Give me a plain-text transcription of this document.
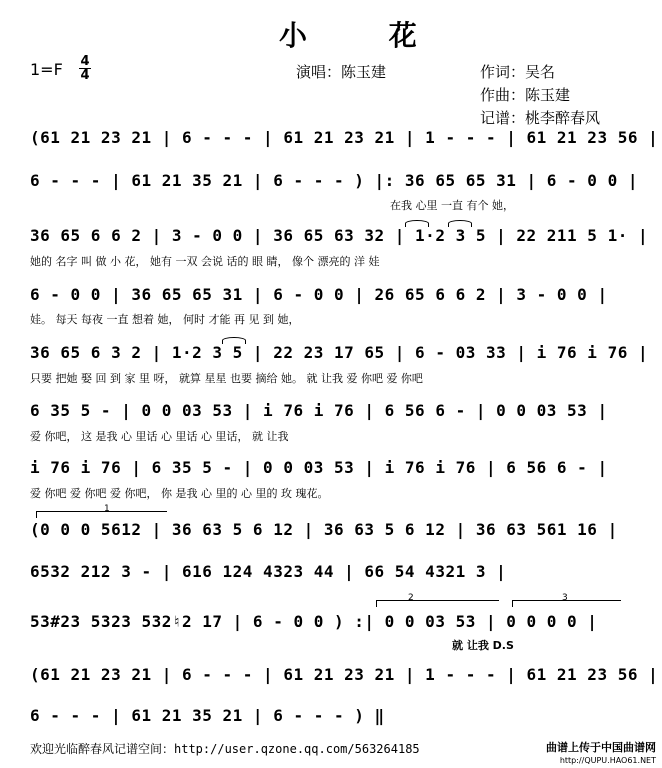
小 花
1=F 4
4	演唱：陈玉建	作词：吴名
作曲：陈玉建
记谱：桃李醉春风
(61 21 23 21 | 6 - - - | 61 21 23 21 | 1 - - - | 61 21 23 56 |
6 - - - | 61 21 35 21 | 6 - - - ) |: 36 65 65 31 | 6 - 0 0 |
在我 心里 一直 有个 她，
36 65 6 6 2 | 3 - 0 0 | 36 65 63 32 | 1·2 3 5 | 22 211 5 1· |
她的 名字 叫 做 小 花， 她有 一双 会说 话的 眼 睛， 像个 漂亮的 洋 娃
6 - 0 0 | 36 65 65 31 | 6 - 0 0 | 26 65 6 6 2 | 3 - 0 0 |
娃。 每天 每夜 一直 想着 她， 何时 才能 再 见 到 她，
36 65 6 3 2 | 1·2 3 5 | 22 23 17 65 | 6 - 03 33 | i 76 i 76 |
只要 把她 娶 回 到 家 里 呀， 就算 星星 也要 摘给 她。 就 让我 爱 你吧 爱 你吧
6 35 5 - | 0 0 03 53 | i 76 i 76 | 6 56 6 - | 0 0 03 53 |
爱 你吧， 这 是我 心 里话 心 里话 心 里话， 就 让我
i 76 i 76 | 6 35 5 - | 0 0 03 53 | i 76 i 76 | 6 56 6 - |
爱 你吧 爱 你吧 爱 你吧， 你 是我 心 里的 心 里的 玫 瑰花。
1
(0 0 0 5612 | 36 63 5 6 12 | 36 63 5 6 12 | 36 63 561 16 |
6532 212 3 - | 616 124 4323 44 | 66 54 4321 3 |
2	3
53#23 5323 532♮2 17 | 6 - 0 0 ) :| 0 0 03 53 | 0 0 0 0 |
就 让我 D.S
(61 21 23 21 | 6 - - - | 61 21 23 21 | 1 - - - | 61 21 23 56 |
6 - - - | 61 21 35 21 | 6 - - - ) ‖
欢迎光临醉春风记谱空间：http://user.qzone.qq.com/563264185	曲谱上传于中国曲谱网
http://QUPU.HAO61.NET
